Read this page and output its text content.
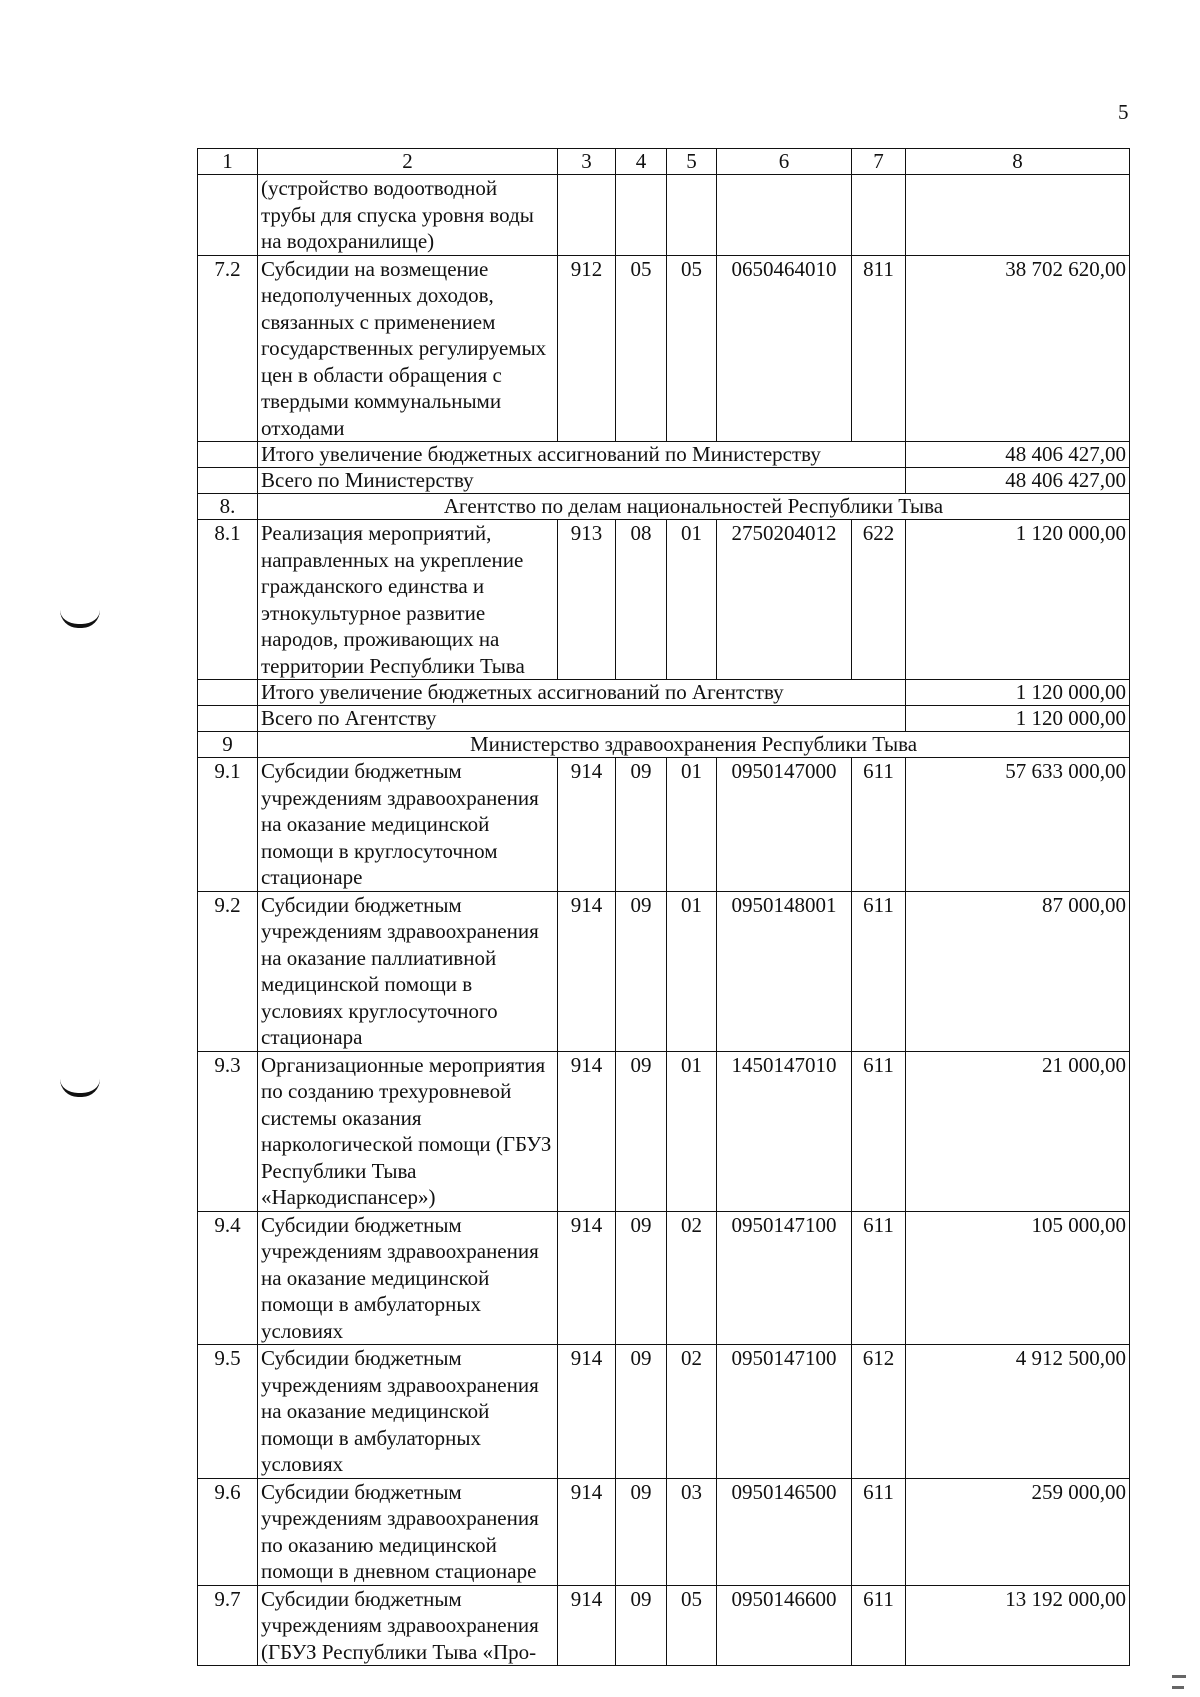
5
1	2	3	4	5	6	7	8
	(устройство водоотводной трубы для спуска уровня воды на водохранилище)						
7.2	Субсидии на возмещение недополученных доходов, связанных с применением государственных регулируемых цен в области обращения с твердыми коммунальными отходами	912	05	05	0650464010	811	38 702 620,00
	Итого увеличение бюджетных ассигнований по Министерству						48 406 427,00
	Всего по Министерству						48 406 427,00
8.	Агентство по делам национальностей Республики Тыва						
8.1	Реализация мероприятий, направленных на укрепление гражданского единства и этнокультурное развитие народов, проживающих на территории Республики Тыва	913	08	01	2750204012	622	1 120 000,00
	Итого увеличение бюджетных ассигнований по Агентству						1 120 000,00
	Всего по Агентству						1 120 000,00
9	Министерство здравоохранения Республики Тыва						
9.1	Субсидии бюджетным учреждениям здравоохранения на оказание медицинской помощи в круглосуточном стационаре	914	09	01	0950147000	611	57 633 000,00
9.2	Субсидии бюджетным учреждениям здравоохранения на оказание паллиативной медицинской помощи в условиях круглосуточного стационара	914	09	01	0950148001	611	87 000,00
9.3	Организационные мероприятия по созданию трехуровневой системы оказания наркологической помощи (ГБУЗ Республики Тыва «Наркодиспансер»)	914	09	01	1450147010	611	21 000,00
9.4	Субсидии бюджетным учреждениям здравоохранения на оказание медицинской помощи в амбулаторных условиях	914	09	02	0950147100	611	105 000,00
9.5	Субсидии бюджетным учреждениям здравоохранения на оказание медицинской помощи в амбулаторных условиях	914	09	02	0950147100	612	4 912 500,00
9.6	Субсидии бюджетным учреждениям здравоохранения по оказанию медицинской помощи в дневном стационаре	914	09	03	0950146500	611	259 000,00
9.7	Субсидии бюджетным учреждениям здравоохранения (ГБУЗ Республики Тыва «Про-	914	09	05	0950146600	611	13 192 000,00
